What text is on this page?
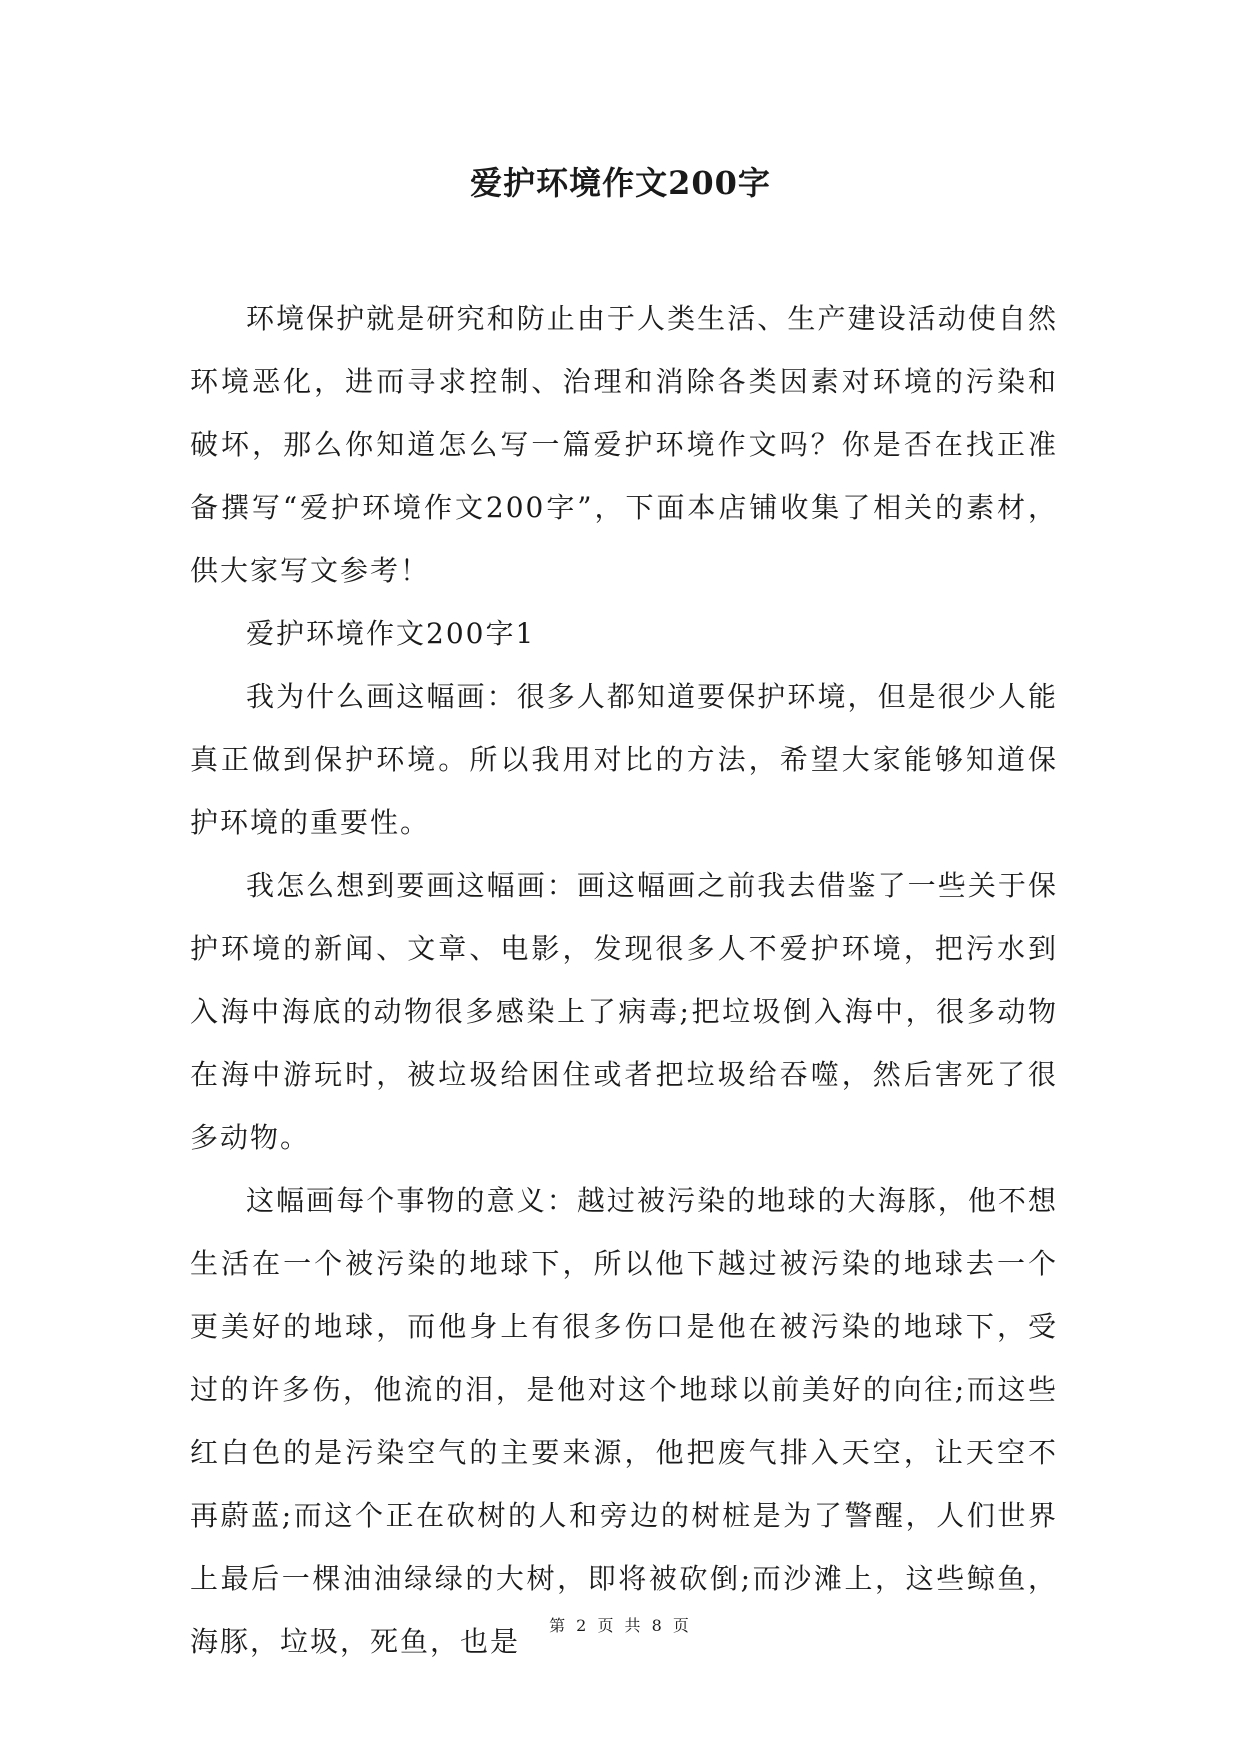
爱护环境作文200字

环境保护就是研究和防止由于人类生活、生产建设活动使自然环境恶化，进而寻求控制、治理和消除各类因素对环境的污染和破坏，那么你知道怎么写一篇爱护环境作文吗？你是否在找正准备撰写“爱护环境作文200字”，下面本店铺收集了相关的素材，供大家写文参考！

爱护环境作文200字1

我为什么画这幅画：很多人都知道要保护环境，但是很少人能真正做到保护环境。所以我用对比的方法，希望大家能够知道保护环境的重要性。

我怎么想到要画这幅画：画这幅画之前我去借鉴了一些关于保护环境的新闻、文章、电影，发现很多人不爱护环境，把污水到入海中海底的动物很多感染上了病毒;把垃圾倒入海中，很多动物在海中游玩时，被垃圾给困住或者把垃圾给吞噬，然后害死了很多动物。

这幅画每个事物的意义：越过被污染的地球的大海豚，他不想生活在一个被污染的地球下，所以他下越过被污染的地球去一个更美好的地球，而他身上有很多伤口是他在被污染的地球下，受过的许多伤，他流的泪，是他对这个地球以前美好的向往;而这些红白色的是污染空气的主要来源，他把废气排入天空，让天空不再蔚蓝;而这个正在砍树的人和旁边的树桩是为了警醒，人们世界上最后一棵油油绿绿的大树，即将被砍倒;而沙滩上，这些鲸鱼，海豚，垃圾，死鱼，也是	第 2 页 共 8 页
